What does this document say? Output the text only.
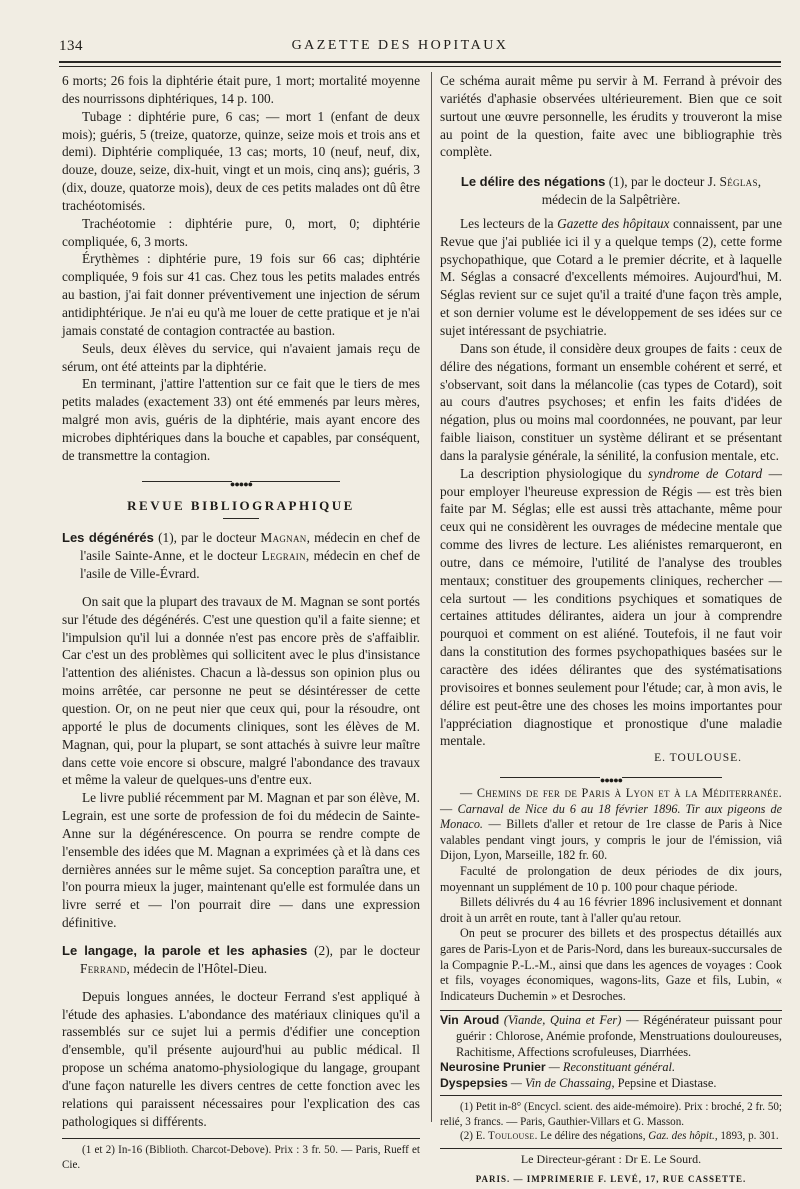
134	GAZETTE DES HOPITAUX

6 morts; 26 fois la diphtérie était pure, 1 mort; mortalité moyenne des nourrissons diphtériques, 14 p. 100.

Tubage : diphtérie pure, 6 cas; — mort 1 (enfant de deux mois); guéris, 5 (treize, quatorze, quinze, seize mois et trois ans et demi). Diphtérie compliquée, 13 cas; morts, 10 (neuf, neuf, dix, douze, douze, seize, dix-huit, vingt et un mois, cinq ans); guéris, 3 (dix, douze, quatorze mois), deux de ces petits malades ont dû être trachéotomisés.

Trachéotomie : diphtérie pure, 0, mort, 0; diphtérie compliquée, 6, 3 morts.

Érythèmes : diphtérie pure, 19 fois sur 66 cas; diphtérie compliquée, 9 fois sur 41 cas. Chez tous les petits malades entrés au bastion, j'ai fait donner préventivement une injection de sérum antidiphtérique. Je n'ai eu qu'à me louer de cette pratique et je n'ai jamais constaté de contagion contractée au bastion.

Seuls, deux élèves du service, qui n'avaient jamais reçu de sérum, ont été atteints par la diphtérie.

En terminant, j'attire l'attention sur ce fait que le tiers de mes petits malades (exactement 33) ont été emmenés par leurs mères, malgré mon avis, guéris de la diphtérie, mais ayant encore des microbes diphtériques dans la bouche et capables, par conséquent, de transmettre la contagion.

●●●●●
REVUE BIBLIOGRAPHIQUE

Les dégénérés (1), par le docteur Magnan, médecin en chef de l'asile Sainte-Anne, et le docteur Legrain, médecin en chef de l'asile de Ville-Évrard.

On sait que la plupart des travaux de M. Magnan se sont portés sur l'étude des dégénérés. C'est une question qu'il a faite sienne; et l'impulsion qu'il lui a donnée n'est pas encore près de s'affaiblir. Car c'est un des problèmes qui sollicitent avec le plus d'insistance l'attention des aliénistes. Chacun a là-dessus son opinion plus ou moins arrêtée, car personne ne peut se désintéresser de cette question. Or, on ne peut nier que ceux qui, pour la résoudre, ont apporté le plus de documents cliniques, sont les élèves de M. Magnan, qui, pour la plupart, se sont attachés à suivre leur maître dans cette voie encore si obscure, malgré l'abondance des travaux et même la valeur de quelques-uns d'entre eux.

Le livre publié récemment par M. Magnan et par son élève, M. Legrain, est une sorte de profession de foi du médecin de Sainte-Anne sur la dégénérescence. On pourra se rendre compte de l'ensemble des idées que M. Magnan a exprimées çà et là dans ces dernières années sur le même sujet. Sa conception paraîtra une, et l'on pourra mieux la juger, maintenant qu'elle est formulée dans un livre serré et — l'on pourrait dire — dans une expression définitive.

Le langage, la parole et les aphasies (2), par le docteur Ferrand, médecin de l'Hôtel-Dieu.

Depuis longues années, le docteur Ferrand s'est appliqué à l'étude des aphasies. L'abondance des matériaux cliniques qu'il a rassemblés sur ce sujet lui a permis d'édifier une conception d'ensemble, qu'il présente aujourd'hui au public médical. Il propose un schéma anatomo-physiologique du langage, groupant d'une façon naturelle les divers centres de cette fonction avec les relations qui paraissent nécessaires pour l'explication des cas pathologiques si différents.

(1 et 2) In-16 (Biblioth. Charcot-Debove). Prix : 3 fr. 50. — Paris, Rueff et Cie.

Ce schéma aurait même pu servir à M. Ferrand à prévoir des variétés d'aphasie observées ultérieurement. Bien que ce soit surtout une œuvre personnelle, les érudits y trouveront la mise au point de la question, faite avec une bibliographie très complète.

Le délire des négations (1), par le docteur J. Séglas, médecin de la Salpêtrière.

Les lecteurs de la Gazette des hôpitaux connaissent, par une Revue que j'ai publiée ici il y a quelque temps (2), cette forme psychopathique, que Cotard a le premier décrite, et à laquelle M. Séglas a consacré d'excellents mémoires. Aujourd'hui, M. Séglas revient sur ce sujet qu'il a traité d'une façon très ample, et son dernier volume est le développement de ses idées sur ce sujet intéressant de psychiatrie.

Dans son étude, il considère deux groupes de faits : ceux de délire des négations, formant un ensemble cohérent et serré, et s'observant, soit dans la mélancolie (cas types de Cotard), soit au cours d'autres psychoses; et enfin les faits d'idées de négation, plus ou moins mal coordonnées, ne pouvant, par leur faible liaison, constituer un système délirant et se présentant dans la paralysie générale, la sénilité, la confusion mentale, etc.

La description physiologique du syndrome de Cotard — pour employer l'heureuse expression de Régis — est très bien faite par M. Séglas; elle est aussi très attachante, même pour ceux qui ne considèrent les ouvrages de médecine mentale que comme des livres de lecture. Les aliénistes remarqueront, en outre, dans ce mémoire, l'utilité de l'analyse des troubles mentaux; constituer des groupements cliniques, rechercher — cela surtout — les conditions psychiques et somatiques de certaines attitudes délirantes, aidera un jour à comprendre pourquoi et comment on est aliéné. Toutefois, il ne faut voir dans la constitution des formes psychopathiques basées sur le caractère des idées délirantes que des systématisations provisoires et bonnes seulement pour l'étude; car, à mon avis, le délire est peut-être une des choses les moins importantes pour l'appréciation diagnostique et pronostique d'une maladie mentale.

E. TOULOUSE.
●●●●●

— Chemins de fer de Paris à Lyon et à la Méditerranée. — Carnaval de Nice du 6 au 18 février 1896. Tir aux pigeons de Monaco. — Billets d'aller et retour de 1re classe de Paris à Nice valables pendant vingt jours, y compris le jour de l'émission, viâ Dijon, Lyon, Marseille, 182 fr. 60.

Faculté de prolongation de deux périodes de dix jours, moyennant un supplément de 10 p. 100 pour chaque période.

Billets délivrés du 4 au 16 février 1896 inclusivement et donnant droit à un arrêt en route, tant à l'aller qu'au retour.

On peut se procurer des billets et des prospectus détaillés aux gares de Paris-Lyon et de Paris-Nord, dans les bureaux-succursales de la Compagnie P.-L.-M., ainsi que dans les agences de voyages : Cook et fils, voyages économiques, wagons-lits, Gaze et fils, Lubin, « Indicateurs Duchemin » et Desroches.

Vin Aroud (Viande, Quina et Fer) — Régénérateur puissant pour guérir : Chlorose, Anémie profonde, Menstruations douloureuses, Rachitisme, Affections scrofuleuses, Diarrhées.

Neurosine Prunier — Reconstituant général.

Dyspepsies — Vin de Chassaing, Pepsine et Diastase.

(1) Petit in-8° (Encycl. scient. des aide-mémoire). Prix : broché, 2 fr. 50; relié, 3 francs. — Paris, Gauthier-Villars et G. Masson.

(2) E. Toulouse. Le délire des négations, Gaz. des hôpit., 1893, p. 301.

Le Directeur-gérant : Dr E. Le Sourd.
PARIS. — IMPRIMERIE F. LEVÉ, 17, RUE CASSETTE.
